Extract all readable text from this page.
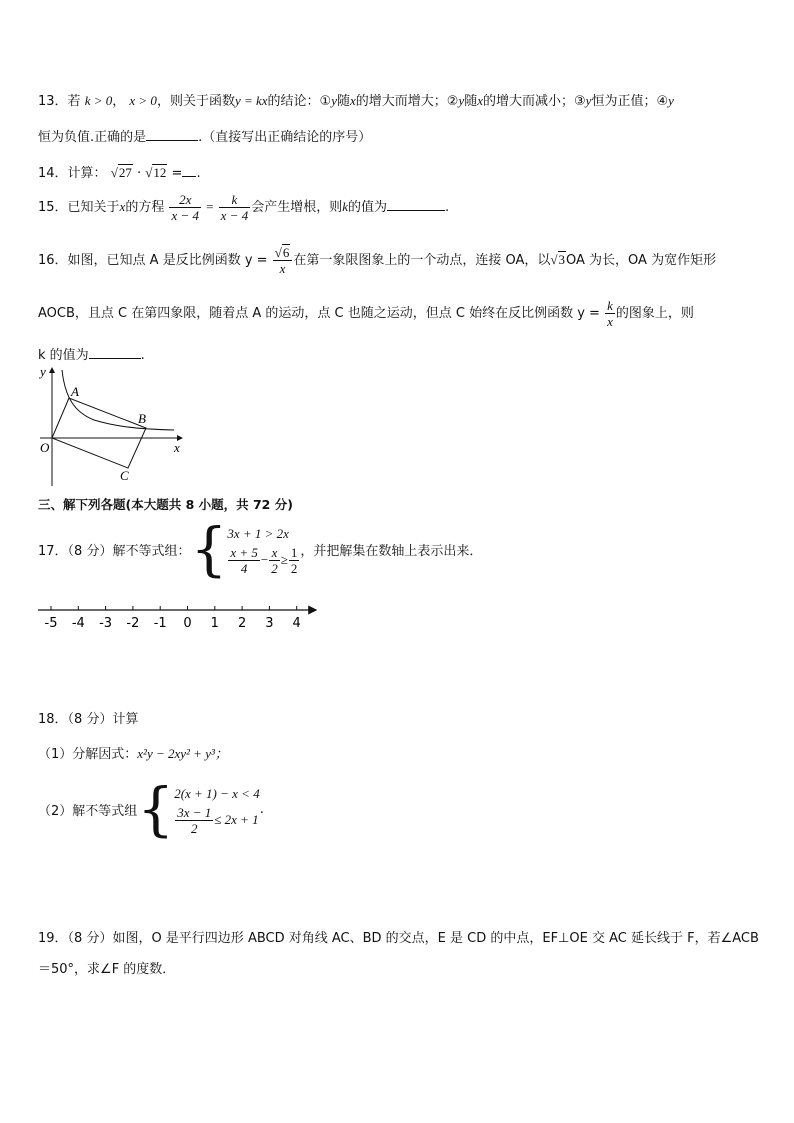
13．若 k > 0， x > 0，则关于函数y = kx的结论：①y随x的增大而增大；②y随x的增大而减小；③y恒为正值；④y
恒为负值.正确的是	.（直接写出正确结论的序号）
14．计算： √27 · √12 = .
15．已知关于x的方程 $\frac{2x}{x - 4} = \frac{k}{x - 4}$ 会产生增根，则k的值为	.
16．如图，已知点 A 是反比例函数 $y = \frac{√6}{x}$ 在第一象限图象上的一个动点，连接 OA，以√3OA 为长，OA 为宽作矩形
AOCB，且点 C 在第四象限，随着点 A 的运动，点 C 也随之运动，但点 C 始终在反比例函数 $y = \frac{k}{x}$ 的图象上，则
k 的值为	.
y
x
O
A
B
C
三、解下列各题(本大题共 8 小题，共 72 分)
17．（8 分）解不等式组： { 3x + 1 > 2x
$\frac{x + 5}{4} - \frac{x}{2} \ge \frac{1}{2}$ ，并把解集在数轴上表示出来．
-5 -4 -3 -2 -1 0 1 2 3 4
18．（8 分）计算
（1）分解因式：x²y − 2xy² + y³；
（2）解不等式组 { 2(x + 1) − x < 4
$\frac{3x - 1}{2} \le 2x + 1$
.
19．（8 分）如图，O 是平行四边形 ABCD 对角线 AC、BD 的交点，E 是 CD 的中点，EF⊥OE 交 AC 延长线于 F，若∠ACB
＝50°，求∠F 的度数．
